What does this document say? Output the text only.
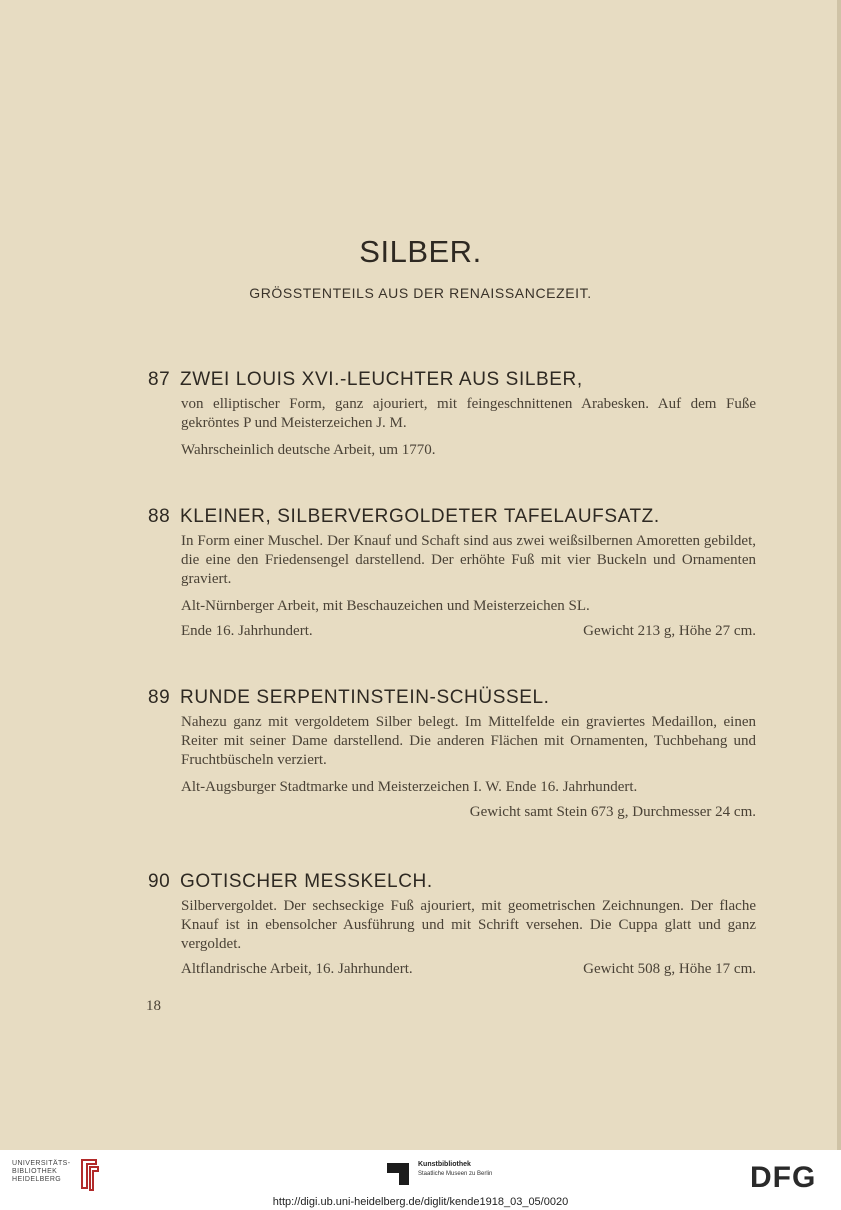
SILBER.
GRÖSSTENTEILS AUS DER RENAISSANCEZEIT.
87 ZWEI LOUIS XVI.-LEUCHTER AUS SILBER,
von elliptischer Form, ganz ajouriert, mit feingeschnittenen Arabesken. Auf dem Fuße gekröntes P und Meisterzeichen J. M.
Wahrscheinlich deutsche Arbeit, um 1770.
88 KLEINER, SILBERVERGOLDETER TAFELAUFSATZ.
In Form einer Muschel. Der Knauf und Schaft sind aus zwei weißsilbernen Amoretten gebildet, die eine den Friedensengel darstellend. Der erhöhte Fuß mit vier Buckeln und Ornamenten graviert.
Alt-Nürnberger Arbeit, mit Beschauzeichen und Meisterzeichen SL.
Ende 16. Jahrhundert.	Gewicht 213 g, Höhe 27 cm.
89 RUNDE SERPENTINSTEIN-SCHÜSSEL.
Nahezu ganz mit vergoldetem Silber belegt. Im Mittelfelde ein graviertes Medaillon, einen Reiter mit seiner Dame darstellend. Die anderen Flächen mit Ornamenten, Tuchbehang und Fruchtbüscheln verziert.
Alt-Augsburger Stadtmarke und Meisterzeichen I. W. Ende 16. Jahrhundert.
Gewicht samt Stein 673 g, Durchmesser 24 cm.
90 GOTISCHER MESSKELCH.
Silbervergoldet. Der sechseckige Fuß ajouriert, mit geometrischen Zeichnungen. Der flache Knauf ist in ebensolcher Ausführung und mit Schrift versehen. Die Cuppa glatt und ganz vergoldet.
Altflandrische Arbeit, 16. Jahrhundert.	Gewicht 508 g, Höhe 17 cm.
18
UNIVERSITÄTS-
BIBLIOTHEK
HEIDELBERG
Kunstbibliothek
Staatliche Museen zu Berlin	DFG
http://digi.ub.uni-heidelberg.de/diglit/kende1918_03_05/0020
